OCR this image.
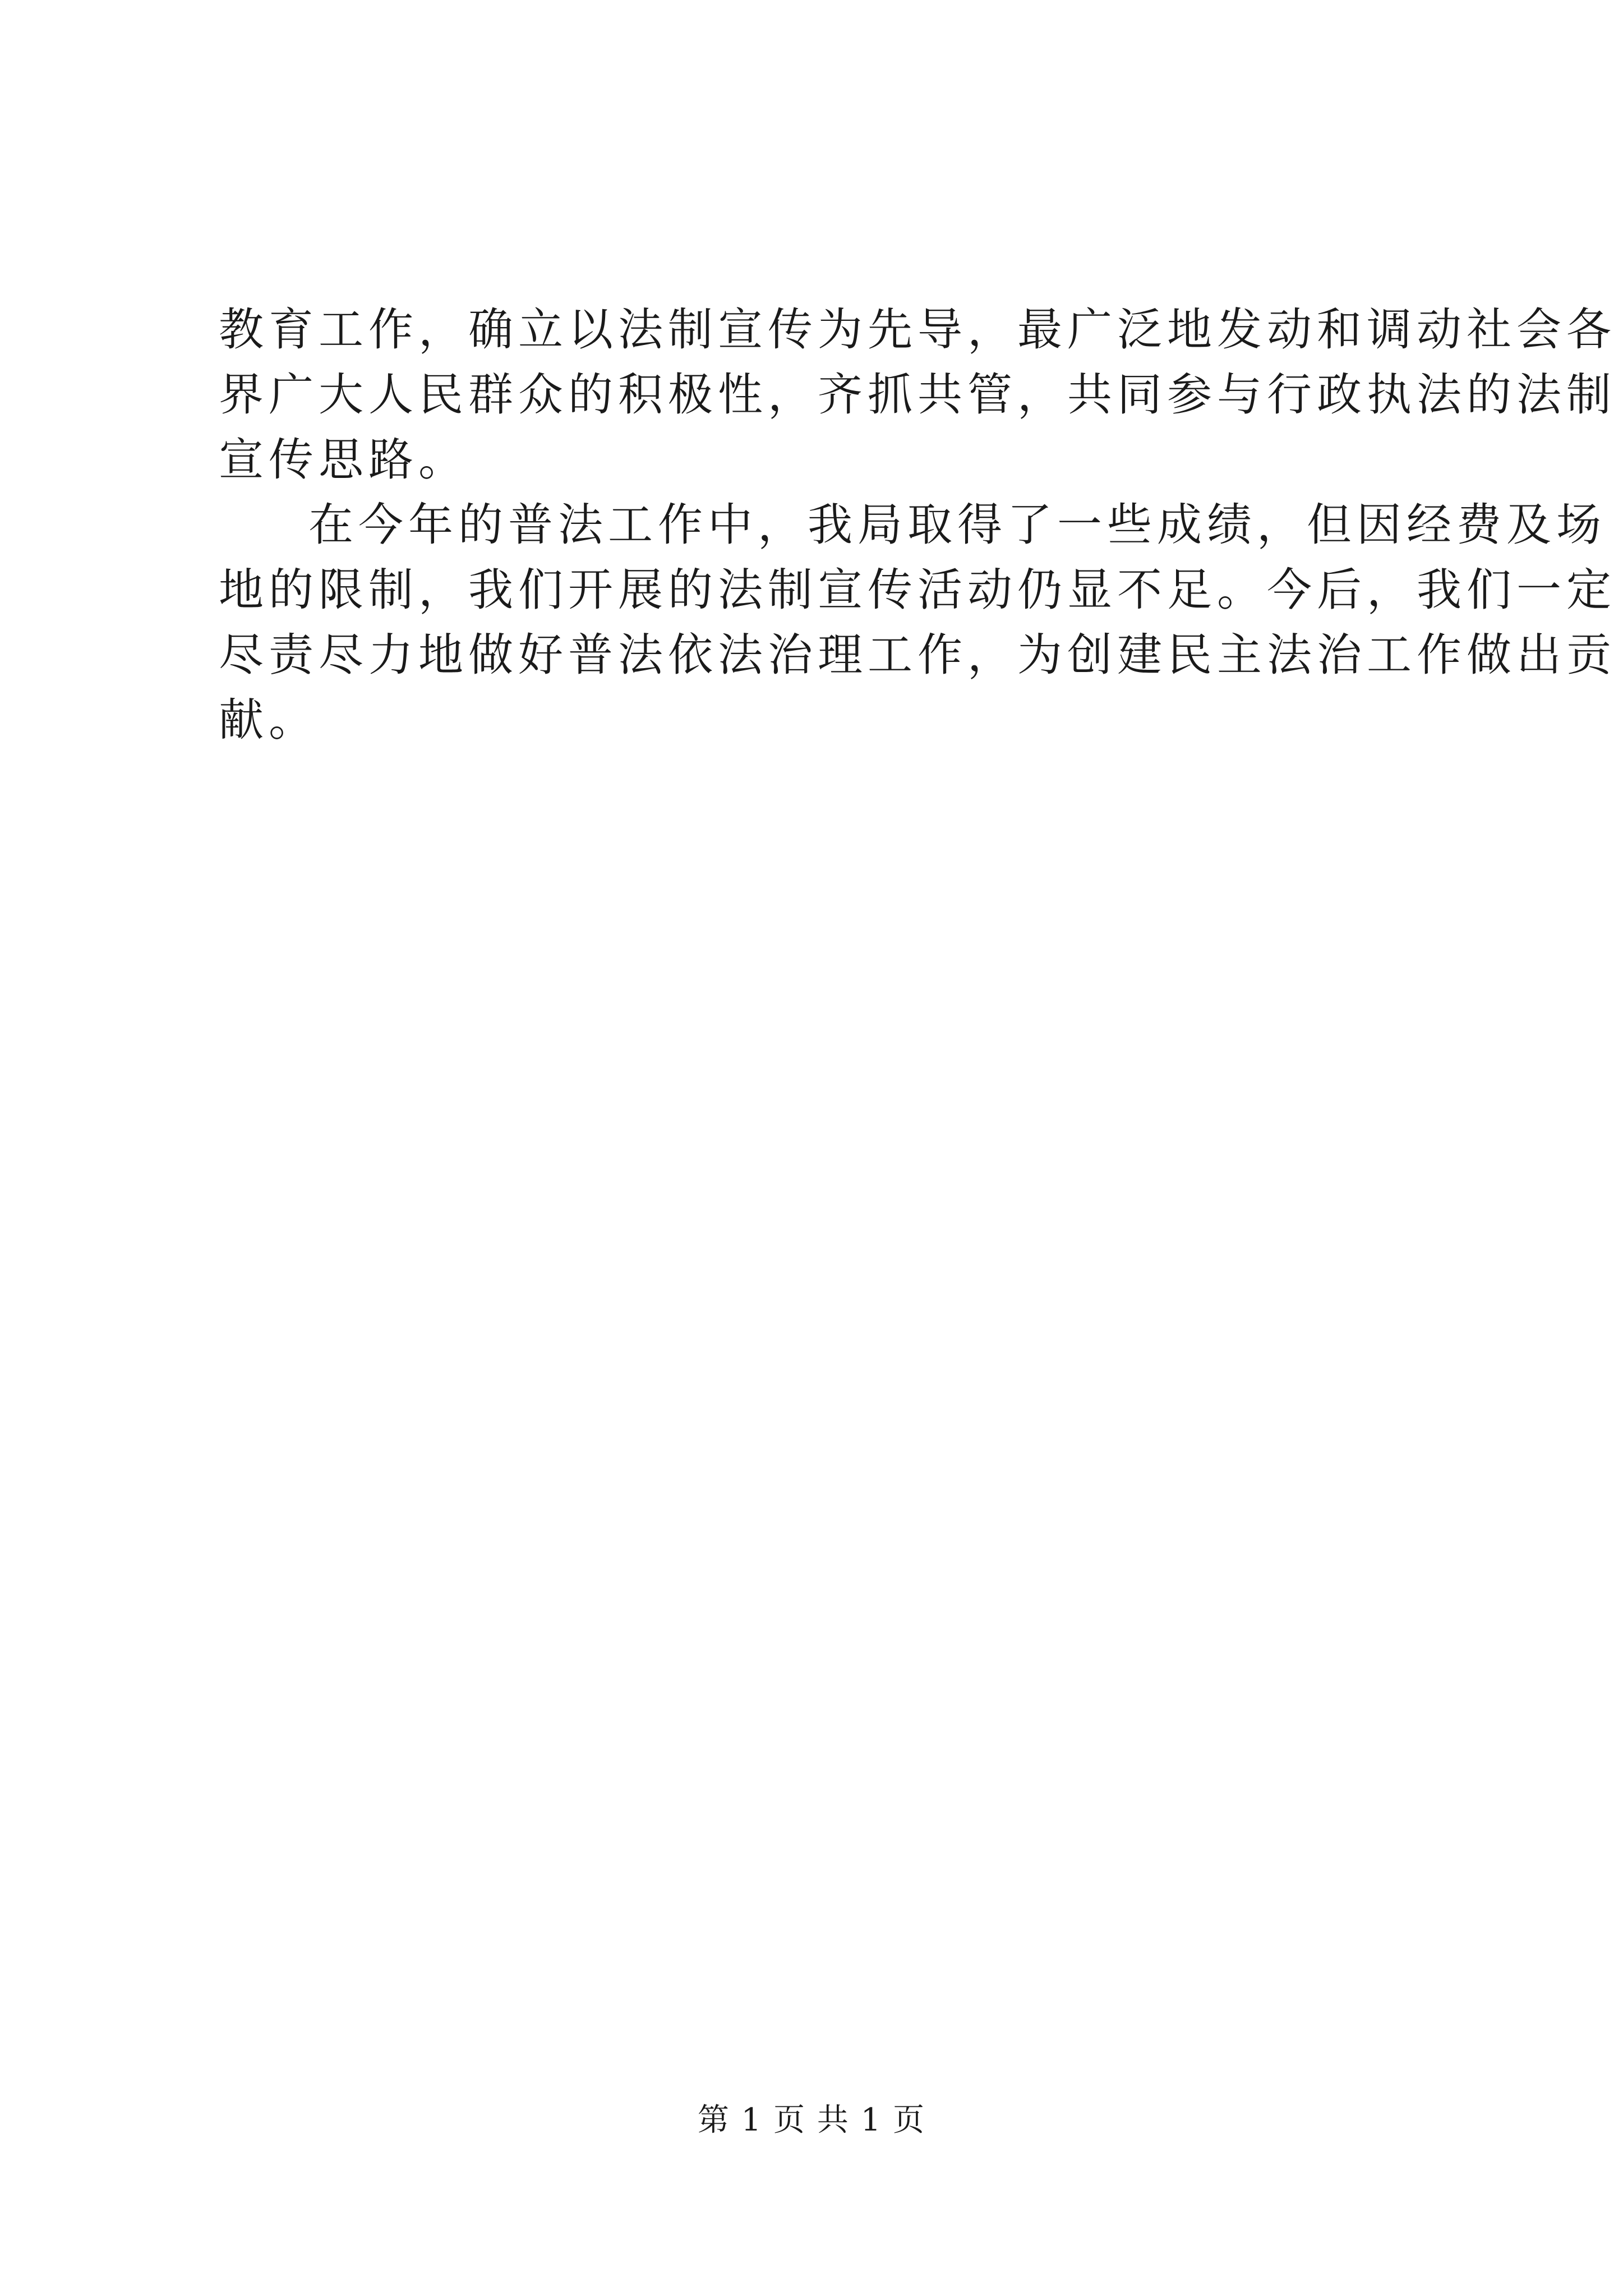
教育工作，确立以法制宣传为先导，最广泛地发动和调动社会各
界广大人民群众的积极性，齐抓共管，共同参与行政执法的法制
宣传思路。
在今年的普法工作中，我局取得了一些成绩，但因经费及场
地的限制，我们开展的法制宣传活动仍显不足。今后，我们一定
尽责尽力地做好普法依法治理工作，为创建民主法治工作做出贡
献。
第 1 页 共 1 页
